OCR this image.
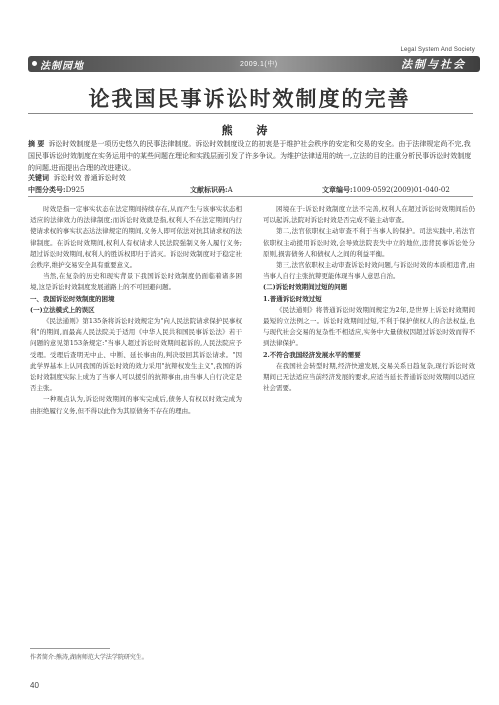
Legal System And Society
法制园地	2009.1(中)	法制与社会
论我国民事诉讼时效制度的完善
熊 涛
摘 要 诉讼时效制度是一项历史悠久的民事法律制度。诉讼时效制度设立的初衷是于维护社会秩序的安定和交易的安全。由于法律规定尚不完,我国民事诉讼时效制度在实务运用中的某些问题在理论和实践层面引发了许多争议。为维护法律适用的统一,立法的目的注重分析民事诉讼时效制度的问题,进而提出合理的改进建议。
关键词 诉讼时效 普通诉讼时效
中图分类号:D925	文献标识码:A	文章编号:1009-0592(2009)01-040-02

时效是指一定事实状态在法定期间持续存在,从而产生与该事实状态相适应的法律效力的法律制度;而诉讼时效就是指,权利人不在法定期间内行使请求权的事实状态达法律规定的期间,义务人即可依法对抗其请求权的法律制度。在诉讼时效期间,权利人有权请求人民法院强制义务人履行义务;超过诉讼时效期间,权利人的胜诉权即归于消灭。诉讼时效制度对于稳定社会秩序,维护交易安全具有重要意义。

当然,在复杂的历史和现实背景下我国诉讼时效制度仍面临着诸多困境,这是诉讼时效制度发展道路上的不可回避问题。

一、我国诉讼时效制度的困境
(一)立法模式上的误区

《民法通则》第135条将诉讼时效规定为"向人民法院请求保护民事权利"的期间,而最高人民法院关于适用《中华人民共和国民事诉讼法》若干问题的意见第153条规定:"当事人超过诉讼时效期间起诉的,人民法院应予受理。受理后查明无中止、中断、延长事由的,判决驳回其诉讼请求。"因此学界基本上认同我国的诉讼时效的效力采用"抗辩权发生主义",我国的诉讼时效制度实际上成为了当事人可以援引的抗辩事由,由当事人自行决定是否主张。

一种观点认为,诉讼时效期间的事实完成后,债务人有权以时效完成为由拒绝履行义务,但不得以此作为其原债务不存在的理由。

困境在于:诉讼时效制度立法不完善,权利人在超过诉讼时效期间后仍可以起诉,法院对诉讼时效是否完成不能主动审查。

第二,法官依职权主动审查不利于当事人的保护。司法实践中,若法官依职权主动援用诉讼时效,会导致法院丧失中立的地位,违背民事诉讼处分原则,损害债务人和债权人之间的利益平衡。

第三,法官依职权主动审查诉讼时效问题,与诉讼时效的本质相违背,由当事人自行主张抗辩更能体现当事人意思自治。

(二)诉讼时效期间过短的问题
1.普通诉讼时效过短

《民法通则》将普通诉讼时效期间规定为2年,是世界上诉讼时效期间最短的立法例之一。诉讼时效期间过短,不利于保护债权人的合法权益,也与现代社会交易的复杂性不相适应,实务中大量债权因超过诉讼时效而得不到法律保护。

2.不符合我国经济发展水平的需要

在我国社会转型时期,经济快速发展,交易关系日趋复杂,现行诉讼时效期间已无法适应当前经济发展的要求,应适当延长普通诉讼时效期间以适应社会需要。

作者简介:熊涛,湖南师范大学法学院研究生。
40
